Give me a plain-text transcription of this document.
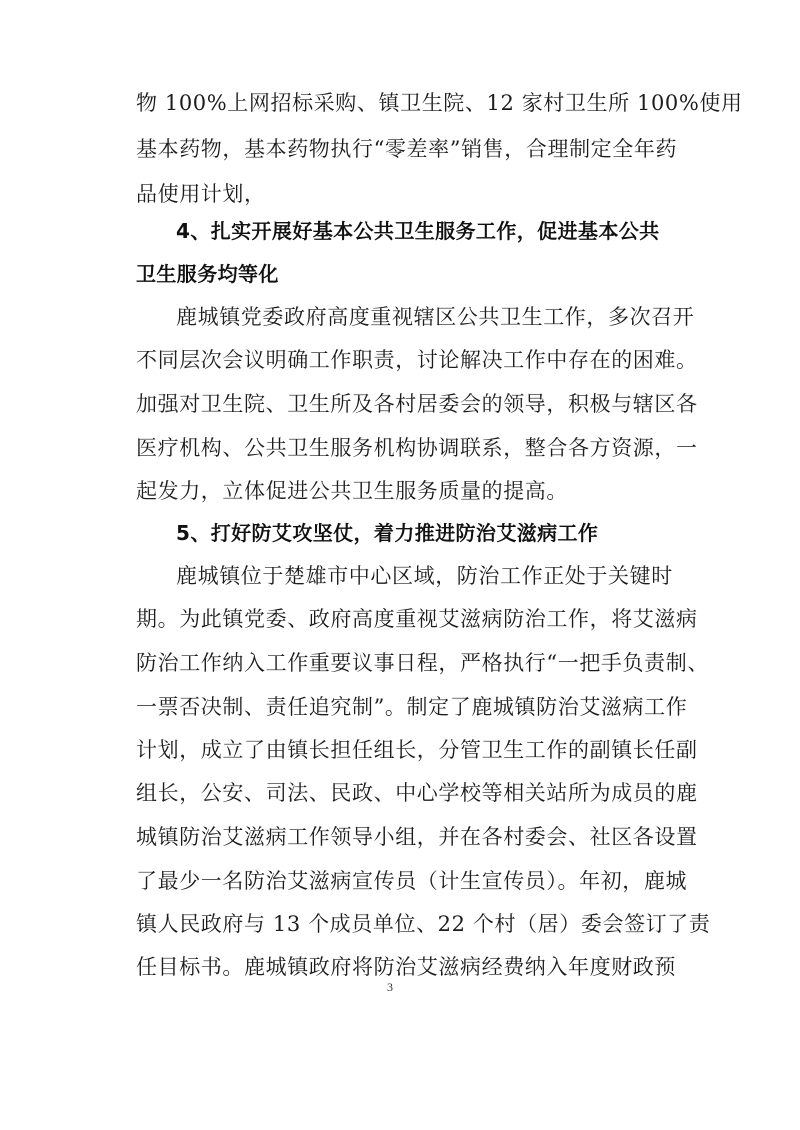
物 100%上网招标采购、镇卫生院、12 家村卫生所 100%使用
基本药物，基本药物执行“零差率”销售，合理制定全年药
品使用计划，
4、扎实开展好基本公共卫生服务工作，促进基本公共
卫生服务均等化
鹿城镇党委政府高度重视辖区公共卫生工作，多次召开
不同层次会议明确工作职责，讨论解决工作中存在的困难。
加强对卫生院、卫生所及各村居委会的领导，积极与辖区各
医疗机构、公共卫生服务机构协调联系，整合各方资源，一
起发力，立体促进公共卫生服务质量的提高。
5、打好防艾攻坚仗，着力推进防治艾滋病工作
鹿城镇位于楚雄市中心区域，防治工作正处于关键时
期。为此镇党委、政府高度重视艾滋病防治工作，将艾滋病
防治工作纳入工作重要议事日程，严格执行“一把手负责制、
一票否决制、责任追究制”。制定了鹿城镇防治艾滋病工作
计划，成立了由镇长担任组长，分管卫生工作的副镇长任副
组长，公安、司法、民政、中心学校等相关站所为成员的鹿
城镇防治艾滋病工作领导小组，并在各村委会、社区各设置
了最少一名防治艾滋病宣传员（计生宣传员）。年初，鹿城
镇人民政府与 13 个成员单位、22 个村（居）委会签订了责
任目标书。鹿城镇政府将防治艾滋病经费纳入年度财政预
3
